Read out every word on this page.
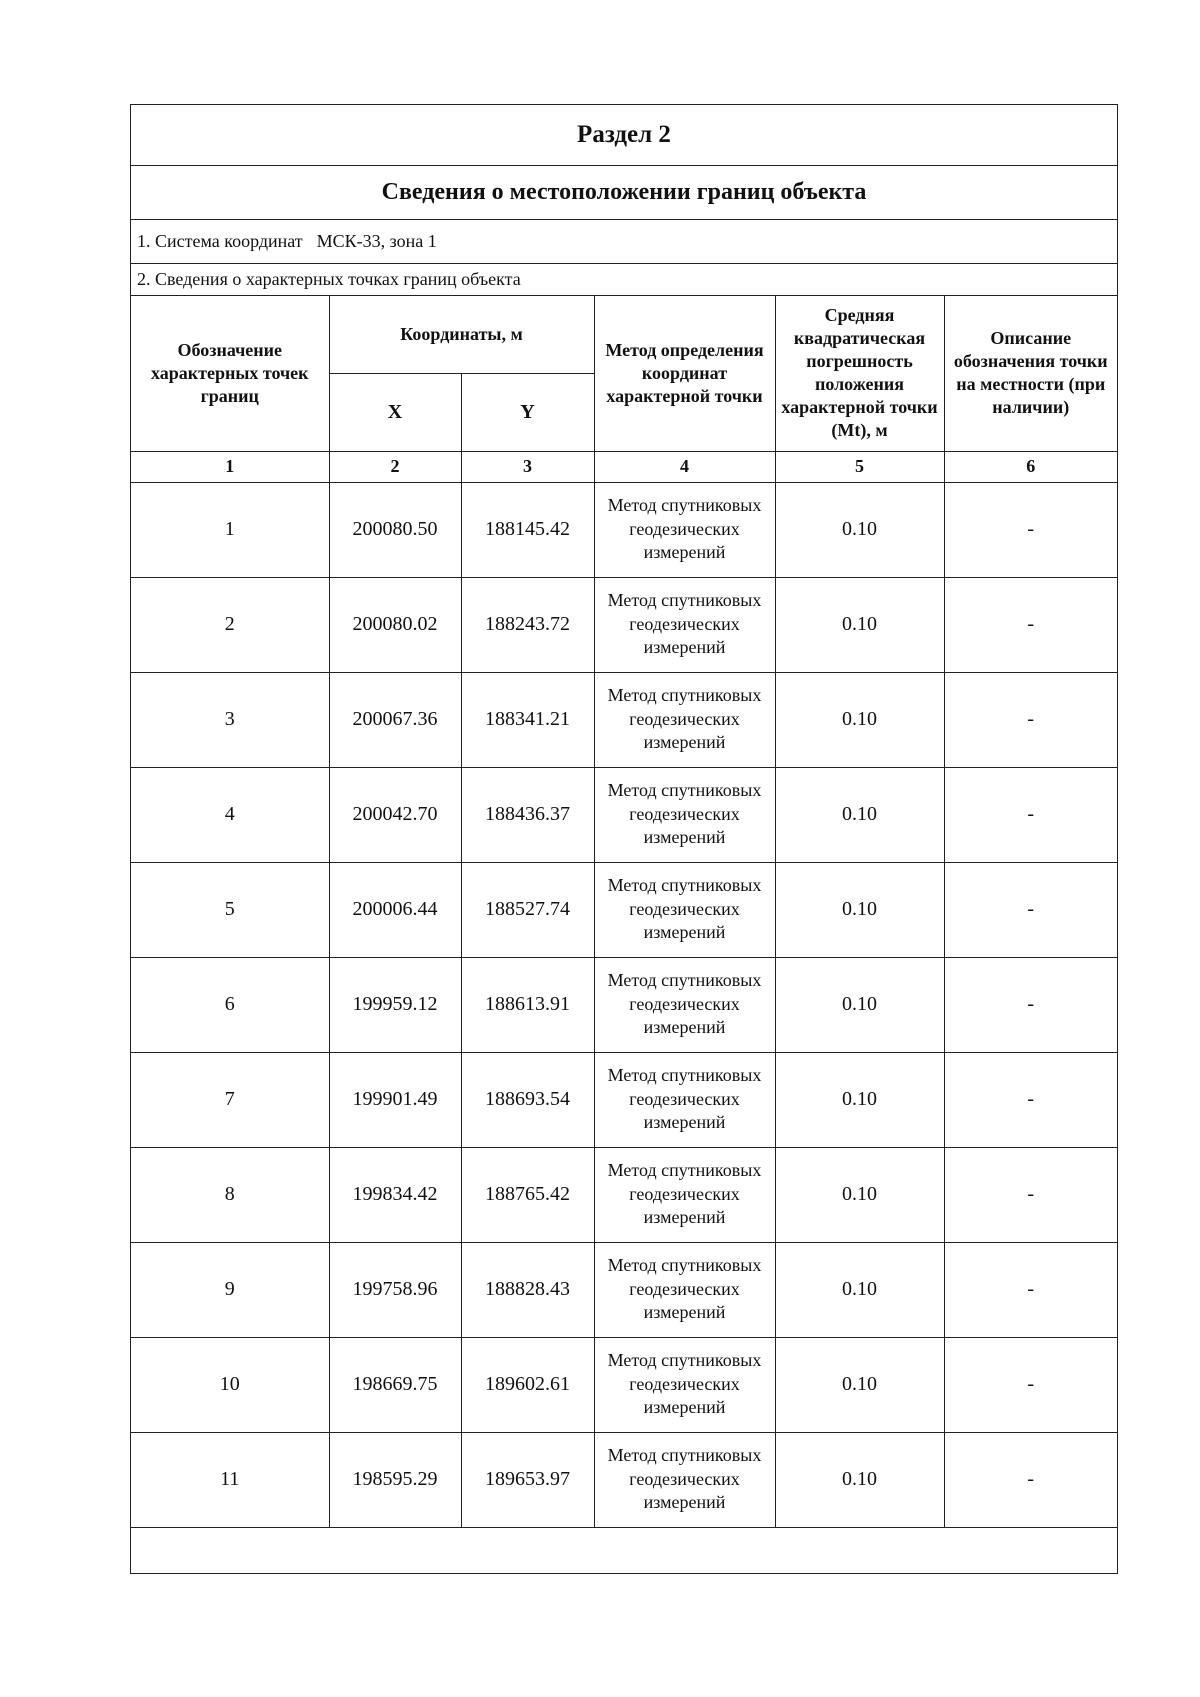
Раздел 2
Сведения о местоположении границ объекта
1. Система координат МСК-33, зона 1
2. Сведения о характерных точках границ объекта
Обозначение характерных точек границ	Координаты, м		Метод определения координат характерной точки	Средняя квадратическая погрешность положения характерной точки (Mt), м	Описание обозначения точки на местности (при наличии)
	X	Y			
1	2	3	4	5	6
1	200080.50	188145.42	Метод спутниковых геодезических измерений	0.10	-
2	200080.02	188243.72	Метод спутниковых геодезических измерений	0.10	-
3	200067.36	188341.21	Метод спутниковых геодезических измерений	0.10	-
4	200042.70	188436.37	Метод спутниковых геодезических измерений	0.10	-
5	200006.44	188527.74	Метод спутниковых геодезических измерений	0.10	-
6	199959.12	188613.91	Метод спутниковых геодезических измерений	0.10	-
7	199901.49	188693.54	Метод спутниковых геодезических измерений	0.10	-
8	199834.42	188765.42	Метод спутниковых геодезических измерений	0.10	-
9	199758.96	188828.43	Метод спутниковых геодезических измерений	0.10	-
10	198669.75	189602.61	Метод спутниковых геодезических измерений	0.10	-
11	198595.29	189653.97	Метод спутниковых геодезических измерений	0.10	-
